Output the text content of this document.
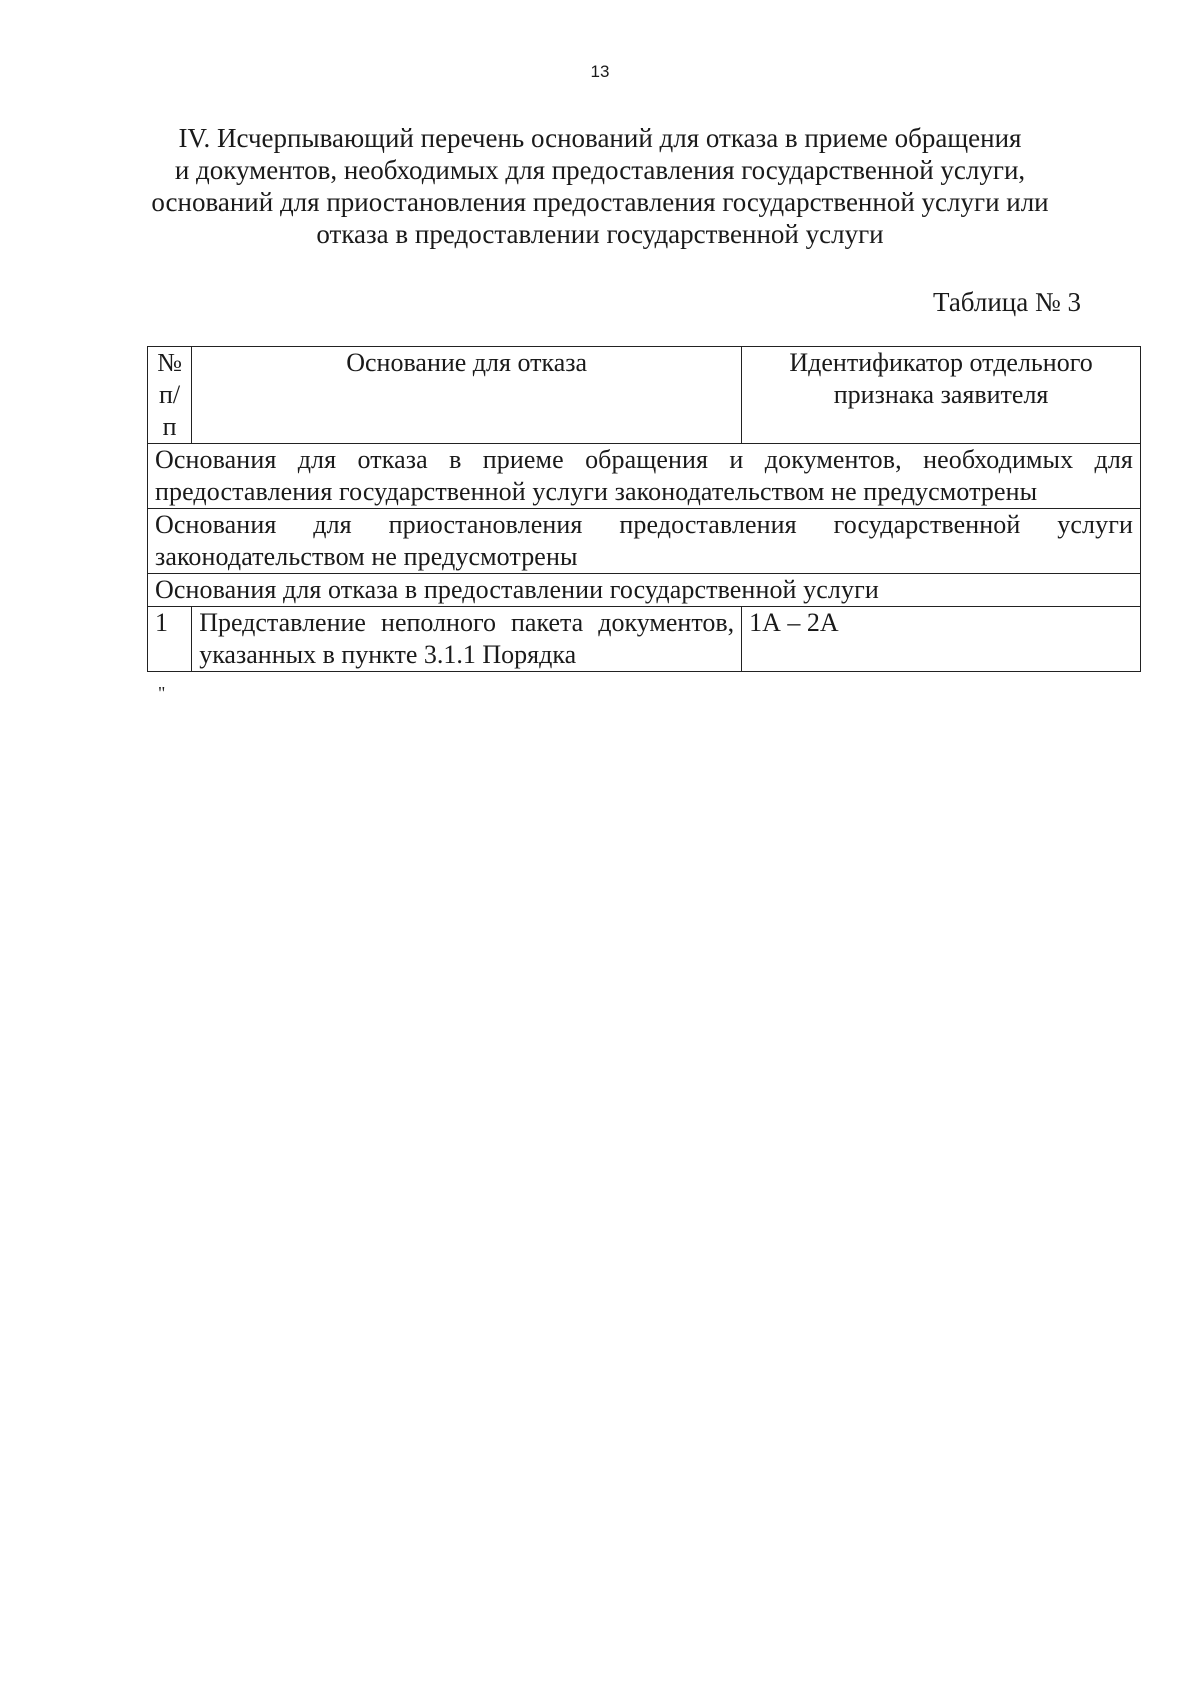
13
IV. Исчерпывающий перечень оснований для отказа в приеме обращения
и документов, необходимых для предоставления государственной услуги,
оснований для приостановления предоставления государственной услуги или
отказа в предоставлении государственной услуги
Таблица № 3
№ п/п	Основание для отказа	Идентификатор отдельного признака заявителя
Основания для отказа в приеме обращения и документов, необходимых для предоставления государственной услуги законодательством не предусмотрены		
Основания для приостановления предоставления государственной услуги законодательством не предусмотрены		
Основания для отказа в предоставлении государственной услуги		
1	Представление неполного пакета документов, указанных в пункте 3.1.1 Порядка	1А – 2А
"
